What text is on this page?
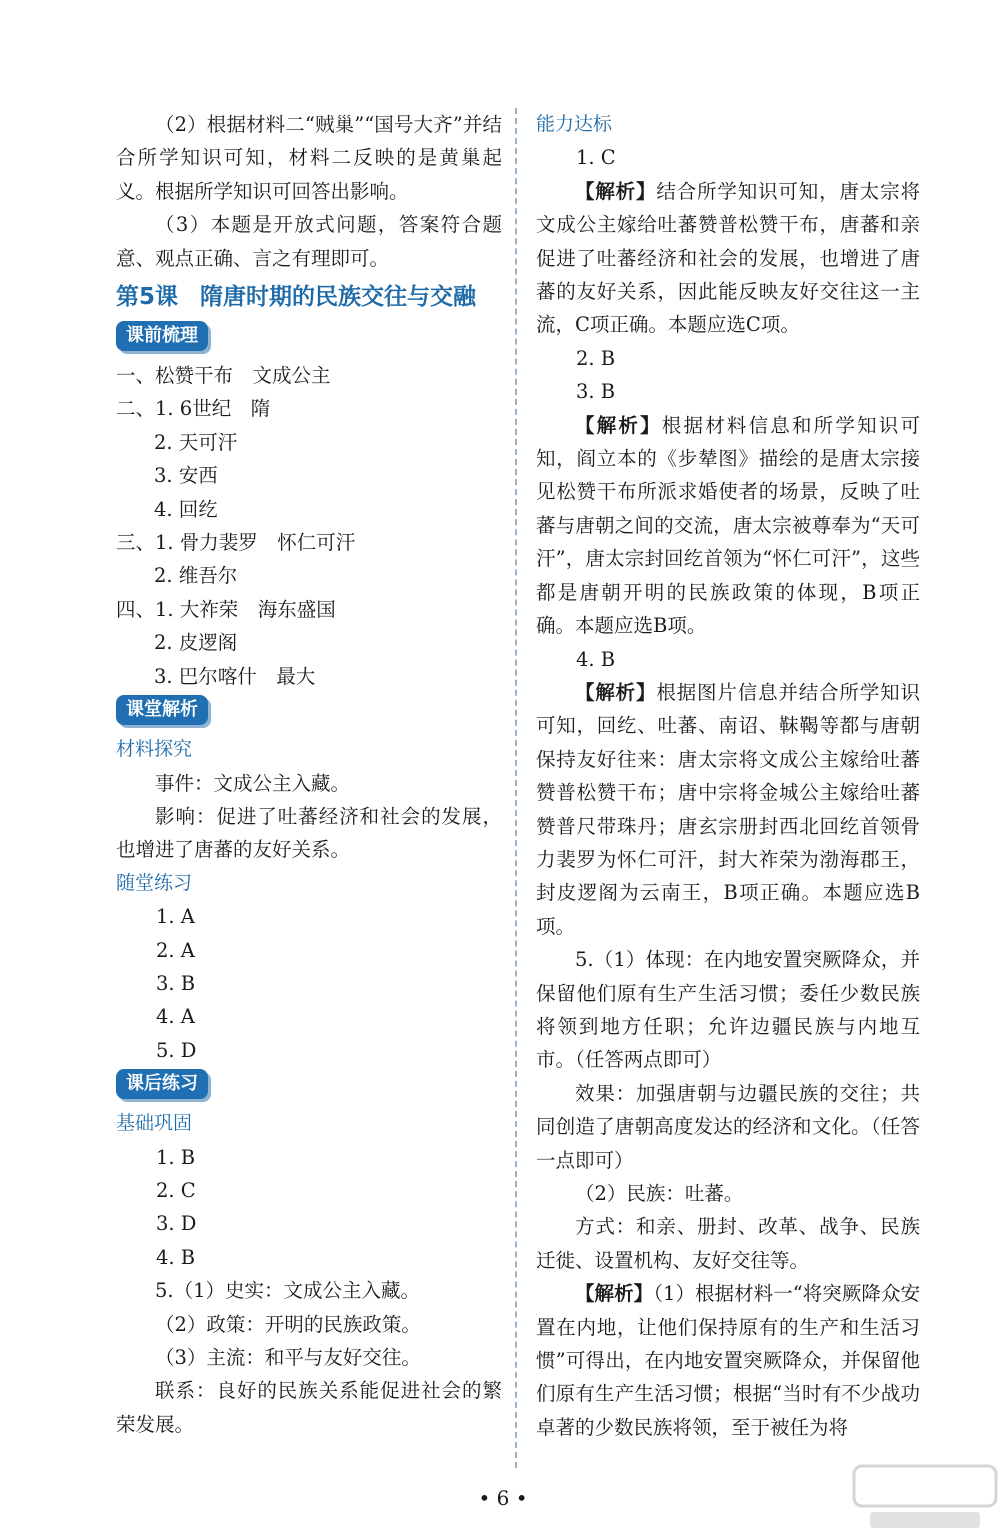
（2）根据材料二“贼巢”“国号大齐”并结合所学知识可知，材料二反映的是黄巢起义。根据所学知识可回答出影响。

（3）本题是开放式问题，答案符合题意、观点正确、言之有理即可。

第5课 隋唐时期的民族交往与交融
课前梳理

一、松赞干布　文成公主

二、1. 6世纪　隋

2. 天可汗

3. 安西

4. 回纥

三、1. 骨力裴罗　怀仁可汗

2. 维吾尔

四、1. 大祚荣　海东盛国

2. 皮逻阁

3. 巴尔喀什　最大

课堂解析

材料探究

事件：文成公主入藏。

影响：促进了吐蕃经济和社会的发展，也增进了唐蕃的友好关系。

随堂练习

1. A

2. A

3. B

4. A

5. D

课后练习

基础巩固

1. B

2. C

3. D

4. B

5.（1）史实：文成公主入藏。

（2）政策：开明的民族政策。

（3）主流：和平与友好交往。

联系：良好的民族关系能促进社会的繁荣发展。

能力达标

1. C

【解析】结合所学知识可知，唐太宗将文成公主嫁给吐蕃赞普松赞干布，唐蕃和亲促进了吐蕃经济和社会的发展，也增进了唐蕃的友好关系，因此能反映友好交往这一主流，C项正确。本题应选C项。

2. B

3. B

【解析】根据材料信息和所学知识可知，阎立本的《步辇图》描绘的是唐太宗接见松赞干布所派求婚使者的场景，反映了吐蕃与唐朝之间的交流，唐太宗被尊奉为“天可汗”，唐太宗封回纥首领为“怀仁可汗”，这些都是唐朝开明的民族政策的体现，B项正确。本题应选B项。

4. B

【解析】根据图片信息并结合所学知识可知，回纥、吐蕃、南诏、靺鞨等都与唐朝保持友好往来：唐太宗将文成公主嫁给吐蕃赞普松赞干布；唐中宗将金城公主嫁给吐蕃赞普尺带珠丹；唐玄宗册封西北回纥首领骨力裴罗为怀仁可汗，封大祚荣为渤海郡王，封皮逻阁为云南王，B项正确。本题应选B项。

5.（1）体现：在内地安置突厥降众，并保留他们原有生产生活习惯；委任少数民族将领到地方任职；允许边疆民族与内地互市。（任答两点即可）

效果：加强唐朝与边疆民族的交往；共同创造了唐朝高度发达的经济和文化。（任答一点即可）

（2）民族：吐蕃。

方式：和亲、册封、改革、战争、民族迁徙、设置机构、友好交往等。

【解析】（1）根据材料一“将突厥降众安置在内地，让他们保持原有的生产和生活习惯”可得出，在内地安置突厥降众，并保留他们原有生产生活习惯；根据“当时有不少战功卓著的少数民族将领，至于被任为将

• 6 •
